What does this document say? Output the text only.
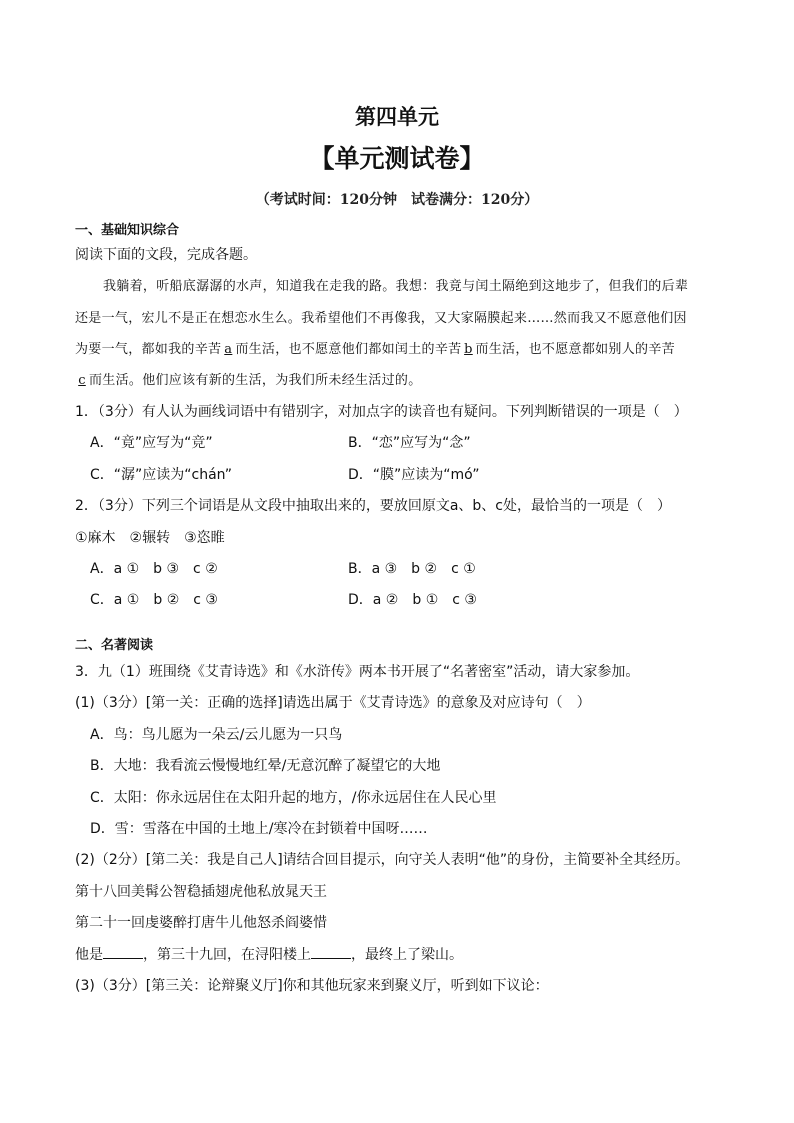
第四单元
【单元测试卷】
（考试时间：120分钟　试卷满分：120分）
一、基础知识综合
阅读下面的文段，完成各题。
我躺着，听船底潺潺的水声，知道我在走我的路。我想：我竟与闰土隔绝到这地步了，但我们的后辈
还是一气，宏儿不是正在想恋水生么。我希望他们不再像我，又大家隔膜起来……然而我又不愿意他们因
为要一气，都如我的辛苦 a 而生活，也不愿意他们都如闰土的辛苦 b 而生活，也不愿意都如别人的辛苦
c 而生活。他们应该有新的生活，为我们所未经生活过的。
1．（3分）有人认为画线词语中有错别字，对加点字的读音也有疑问。下列判断错误的一项是（　）
A．“竟”应写为“竞”	B．“恋”应写为“念”
C．“潺”应读为“chán”	D．“膜”应读为“mó”
2．（3分）下列三个词语是从文段中抽取出来的，要放回原文a、b、c处，最恰当的一项是（　）
①麻木　②辗转　③恣睢
A．a ①　b ③　c ②	B．a ③　b ②　c ①
C．a ①　b ②　c ③	D．a ②　b ①　c ③
二、名著阅读
3．九（1）班围绕《艾青诗选》和《水浒传》两本书开展了“名著密室”活动，请大家参加。
(1)（3分）[第一关：正确的选择]请选出属于《艾青诗选》的意象及对应诗句（　）
A．鸟：鸟儿愿为一朵云/云儿愿为一只鸟
B．大地：我看流云慢慢地红晕/无意沉醉了凝望它的大地
C．太阳：你永远居住在太阳升起的地方，/你永远居住在人民心里
D．雪：雪落在中国的土地上/寒冷在封锁着中国呀……
(2)（2分）[第二关：我是自己人]请结合回目提示，向守关人表明“他”的身份，主简要补全其经历。
第十八回美髯公智稳插翅虎他私放晁天王
第二十一回虔婆醉打唐牛儿他怒杀阎婆惜
他是	，第三十九回，在浔阳楼上	，最终上了梁山。
(3)（3分）[第三关：论辩聚义厅]你和其他玩家来到聚义厅，听到如下议论：
